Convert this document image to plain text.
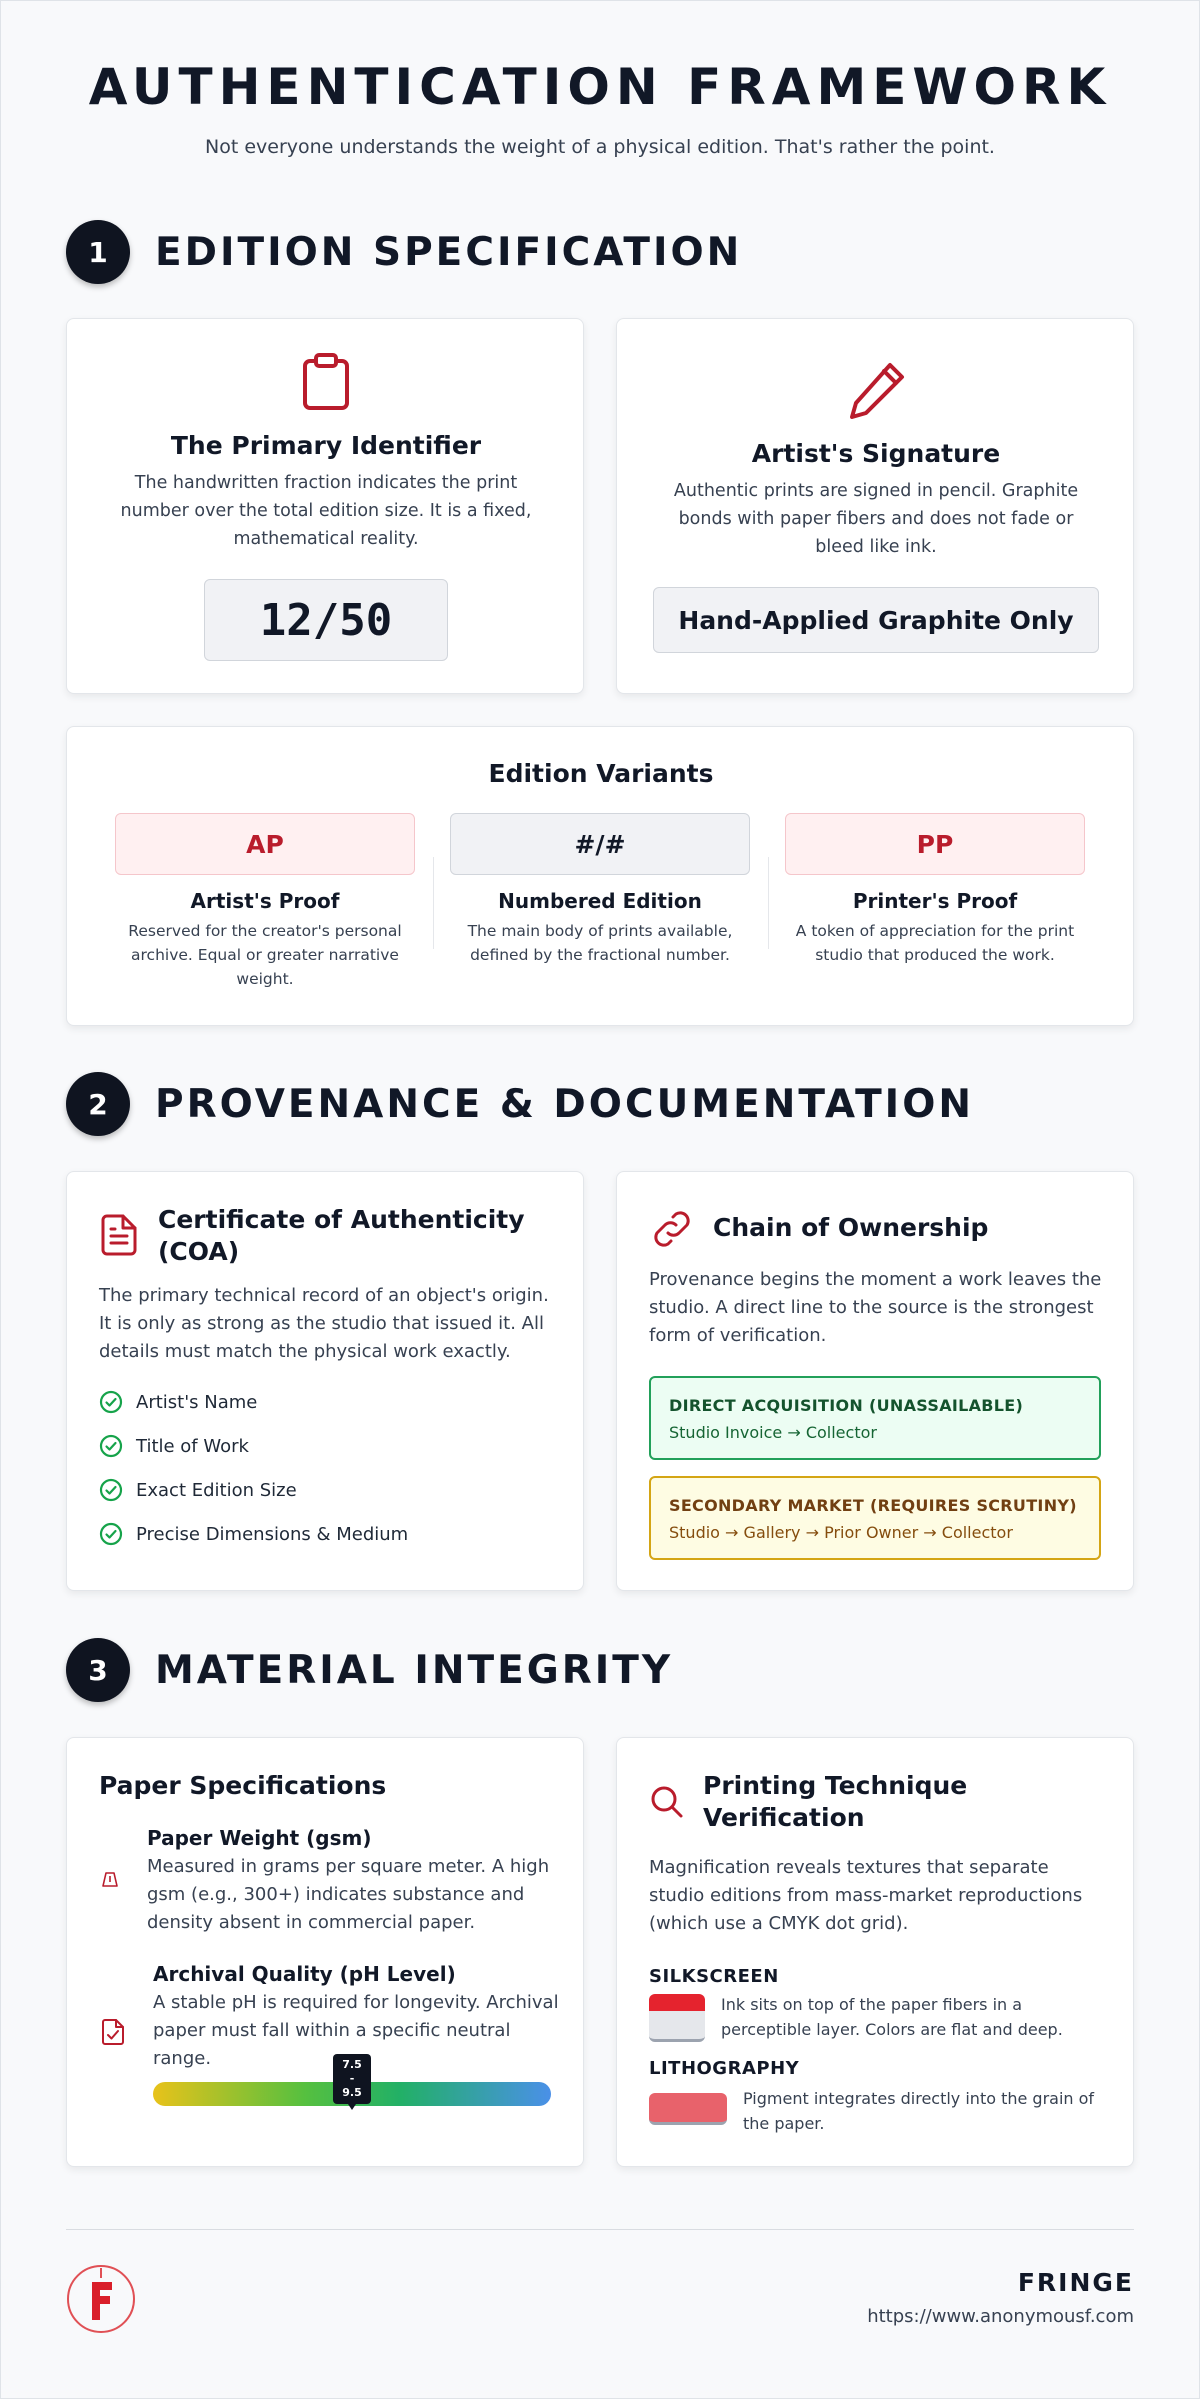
AUTHENTICATION FRAMEWORK

Not everyone understands the weight of a physical edition. That's rather the point.

1	EDITION SPECIFICATION
The Primary Identifier
The handwritten fraction indicates the print number over the total edition size. It is a fixed, mathematical reality.
12/50
Artist's Signature
Authentic prints are signed in pencil. Graphite bonds with paper fibers and does not fade or bleed like ink.
Hand-Applied Graphite Only
Edition Variants
AP	#/#	PP
Artist's Proof	Numbered Edition	Printer's Proof
Reserved for the creator's personal archive. Equal or greater narrative weight.
The main body of prints available, defined by the fractional number.
A token of appreciation for the print studio that produced the work.
2	PROVENANCE & DOCUMENTATION
Certificate of Authenticity (COA)
The primary technical record of an object's origin. It is only as strong as the studio that issued it. All details must match the physical work exactly.
Artist's Name
Title of Work
Exact Edition Size
Precise Dimensions & Medium
Chain of Ownership
Provenance begins the moment a work leaves the studio. A direct line to the source is the strongest form of verification.
DIRECT ACQUISITION (UNASSAILABLE)
Studio Invoice → Collector
SECONDARY MARKET (REQUIRES SCRUTINY)
Studio → Gallery → Prior Owner → Collector
3	MATERIAL INTEGRITY
Paper Specifications
Paper Weight (gsm)
Measured in grams per square meter. A high gsm (e.g., 300+) indicates substance and density absent in commercial paper.
Archival Quality (pH Level)
A stable pH is required for longevity. Archival paper must fall within a specific neutral range.	7.5
-
9.5
Printing Technique Verification
Magnification reveals textures that separate studio editions from mass-market reproductions (which use a CMYK dot grid).
SILKSCREEN
Ink sits on top of the paper fibers in a perceptible layer. Colors are flat and deep.
LITHOGRAPHY
Pigment integrates directly into the grain of the paper.
FRINGE
https://www.anonymousf.com
